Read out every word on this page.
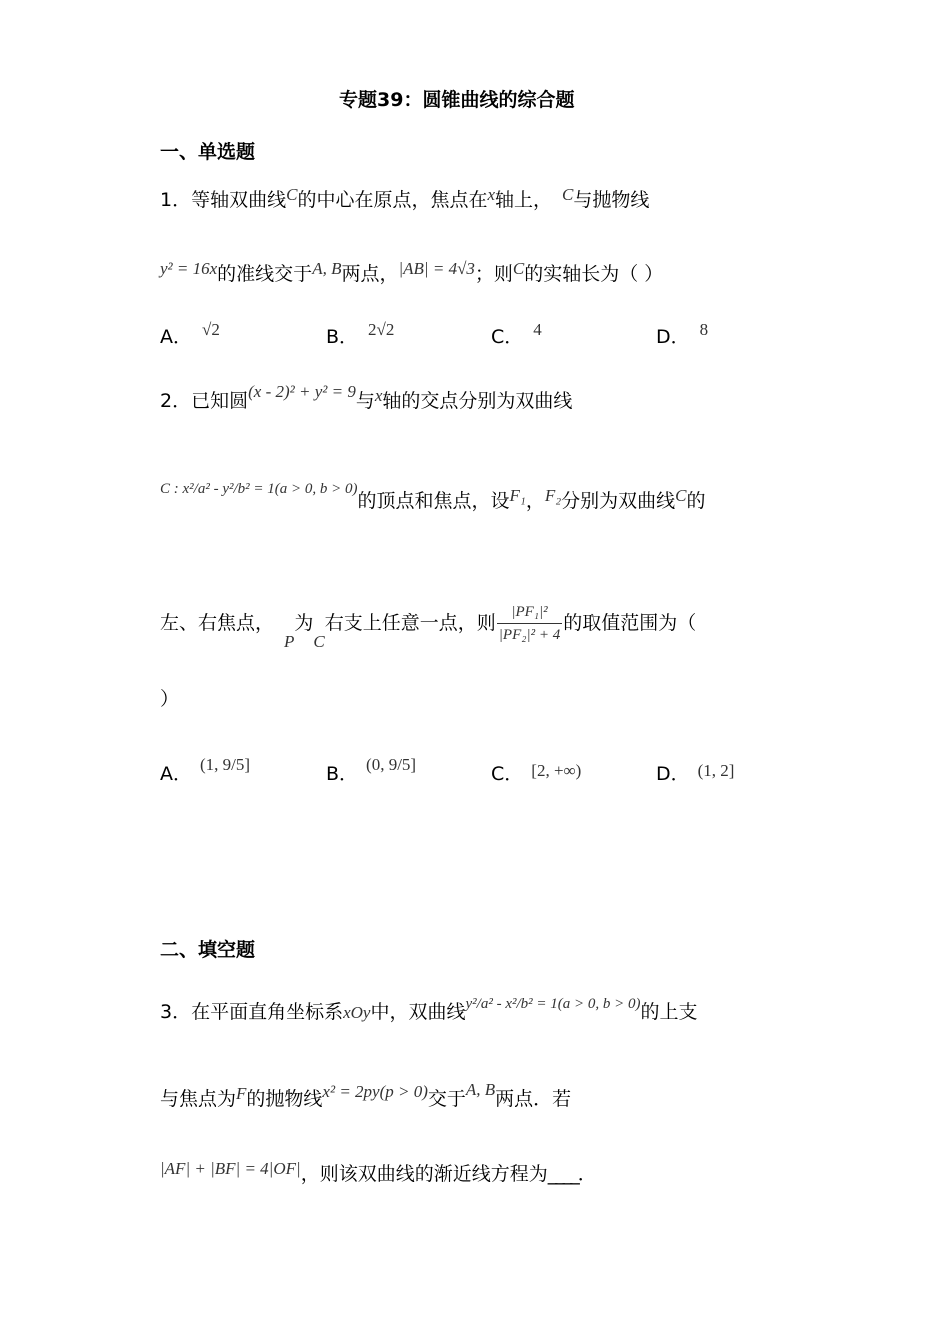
专题39：圆锥曲线的综合题
一、单选题
1．等轴双曲线C的中心在原点，焦点在x轴上， C与抛物线
y² = 16x的准线交于A, B两点，|AB| = 4√3；则C的实轴长为（ ）
A． √2	B． 2√2	C． 4	D． 8
2．已知圆(x - 2)² + y² = 9与x轴的交点分别为双曲线
$^{C : x^2/a^2 - y^2/b^2 = 1(a > 0, b > 0)}$的顶点和焦点，设F₁，F₂分别为双曲线C的
左、右焦点，P为C右支上任意一点，则 $\frac{\text{|PF₁|²}}{\text{|PF₂|² + 4}}$ 的取值范围为（
）
A． (1, 9/5]	B． (0, 9/5]	C． [2, +∞)	D． (1, 2]
二、填空题
3．在平面直角坐标系xOy中，双曲线$^{y^2/a^2 - x^2/b^2 = 1(a > 0, b > 0)}$的上支
与焦点为F的抛物线x² = 2py(p > 0)交于A, B两点．若
|AF| + |BF| = 4|OF|，则该双曲线的渐近线方程为____．
